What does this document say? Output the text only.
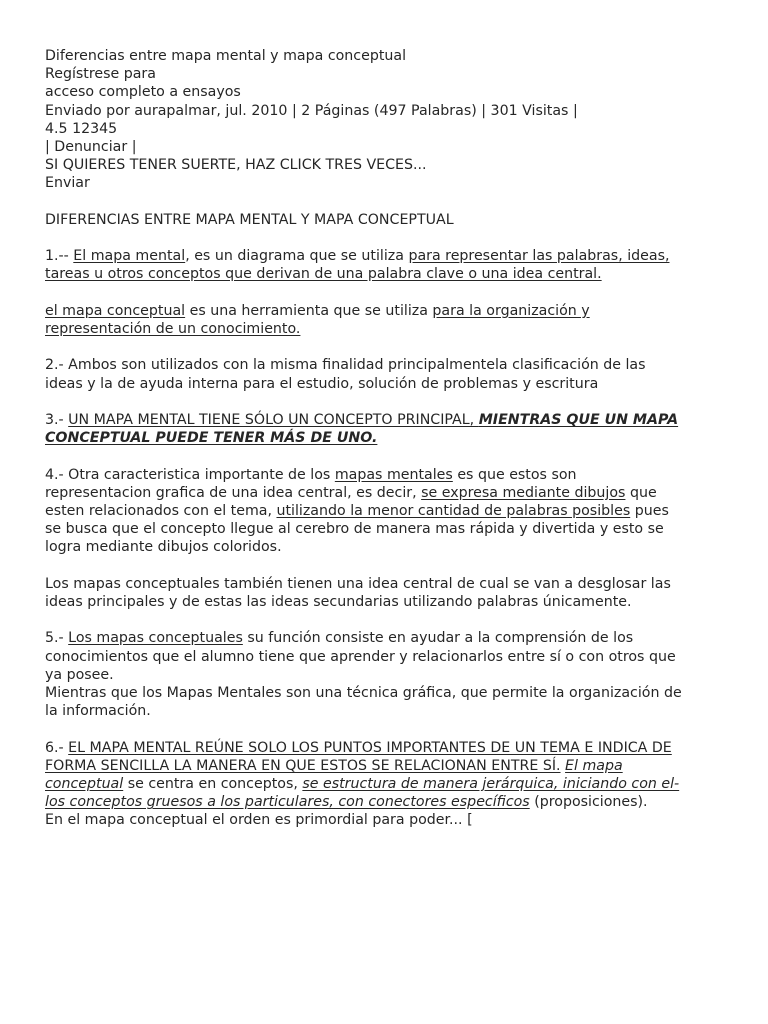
Diferencias entre mapa mental y mapa conceptual
Regístrese para
acceso completo a ensayos
Enviado por aurapalmar, jul. 2010 | 2 Páginas (497 Palabras) | 301 Visitas |
4.5 12345
| Denunciar |
SI QUIERES TENER SUERTE, HAZ CLICK TRES VECES...
Enviar
DIFERENCIAS ENTRE MAPA MENTAL Y MAPA CONCEPTUAL
1.-- El mapa mental, es un diagrama que se utiliza para representar las palabras, ideas,
tareas u otros conceptos que derivan de una palabra clave o una idea central.
el mapa conceptual es una herramienta que se utiliza para la organización y
representación de un conocimiento.
2.- Ambos son utilizados con la misma finalidad principalmentela clasificación de las
ideas y la de ayuda interna para el estudio, solución de problemas y escritura
3.- UN MAPA MENTAL TIENE SÓLO UN CONCEPTO PRINCIPAL, MIENTRAS QUE UN MAPA
CONCEPTUAL PUEDE TENER MÁS DE UNO.
4.- Otra caracteristica importante de los mapas mentales es que estos son
representacion grafica de una idea central, es decir, se expresa mediante dibujos que
esten relacionados con el tema, utilizando la menor cantidad de palabras posibles pues
se busca que el concepto llegue al cerebro de manera mas rápida y divertida y esto se
logra mediante dibujos coloridos.
Los mapas conceptuales también tienen una idea central de cual se van a desglosar las
ideas principales y de estas las ideas secundarias utilizando palabras únicamente.
5.- Los mapas conceptuales su función consiste en ayudar a la comprensión de los
conocimientos que el alumno tiene que aprender y relacionarlos entre sí o con otros que
ya posee.
Mientras que los Mapas Mentales son una técnica gráfica, que permite la organización de
la información.
6.- EL MAPA MENTAL REÚNE SOLO LOS PUNTOS IMPORTANTES DE UN TEMA E INDICA DE
FORMA SENCILLA LA MANERA EN QUE ESTOS SE RELACIONAN ENTRE SÍ. El mapa
conceptual se centra en conceptos, se estructura de manera jerárquica, iniciando con el-
los conceptos gruesos a los particulares, con conectores específicos (proposiciones).
En el mapa conceptual el orden es primordial para poder... [
